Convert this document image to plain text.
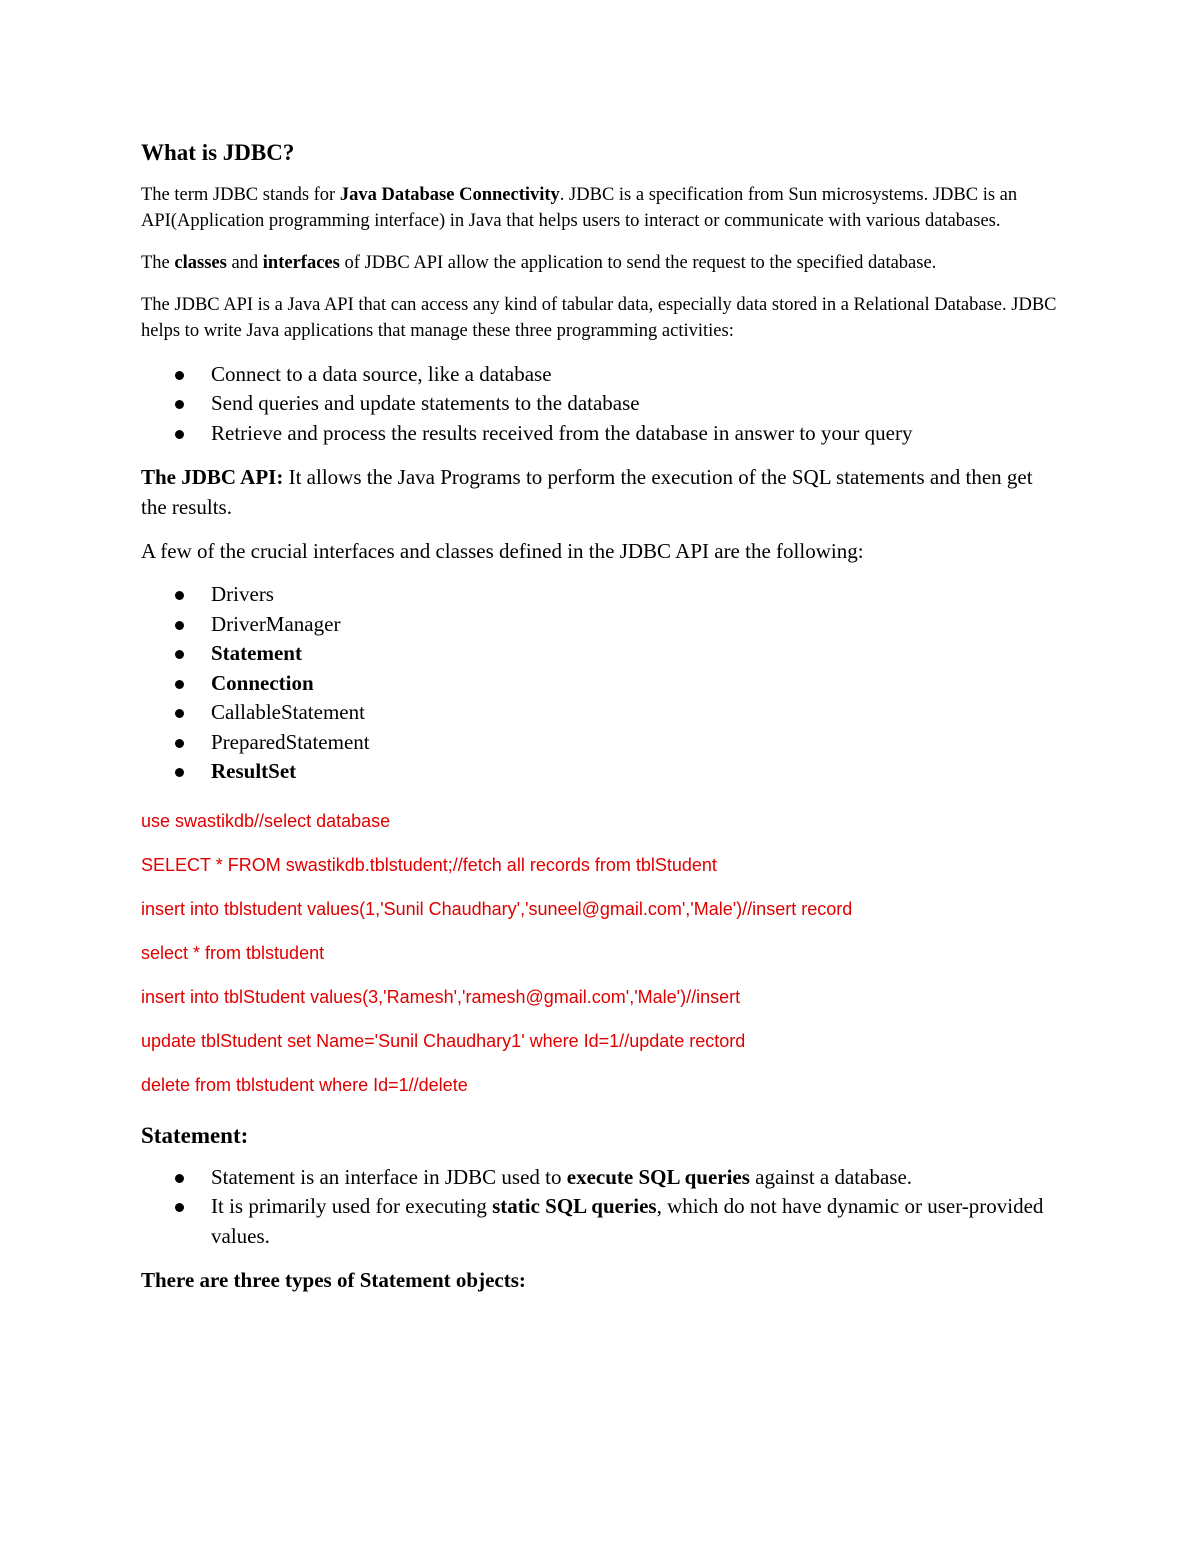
What is JDBC?

The term JDBC stands for Java Database Connectivity. JDBC is a specification from Sun microsystems. JDBC is an API(Application programming interface) in Java that helps users to interact or communicate with various databases.

The classes and interfaces of JDBC API allow the application to send the request to the specified database.

The JDBC API is a Java API that can access any kind of tabular data, especially data stored in a Relational Database. JDBC helps to write Java applications that manage these three programming activities:

Connect to a data source, like a database
Send queries and update statements to the database
Retrieve and process the results received from the database in answer to your query

The JDBC API: It allows the Java Programs to perform the execution of the SQL statements and then get the results.

A few of the crucial interfaces and classes defined in the JDBC API are the following:

Drivers
DriverManager
Statement
Connection
CallableStatement
PreparedStatement
ResultSet
use swastikdb//select database
SELECT * FROM swastikdb.tblstudent;//fetch all records from tblStudent
insert into tblstudent values(1,'Sunil Chaudhary','suneel@gmail.com','Male')//insert record
select * from tblstudent
insert into tblStudent values(3,'Ramesh','ramesh@gmail.com','Male')//insert
update tblStudent set Name='Sunil Chaudhary1' where Id=1//update rectord
delete from tblstudent where Id=1//delete
Statement:
Statement is an interface in JDBC used to execute SQL queries against a database.
It is primarily used for executing static SQL queries, which do not have dynamic or user-provided values.

There are three types of Statement objects:
